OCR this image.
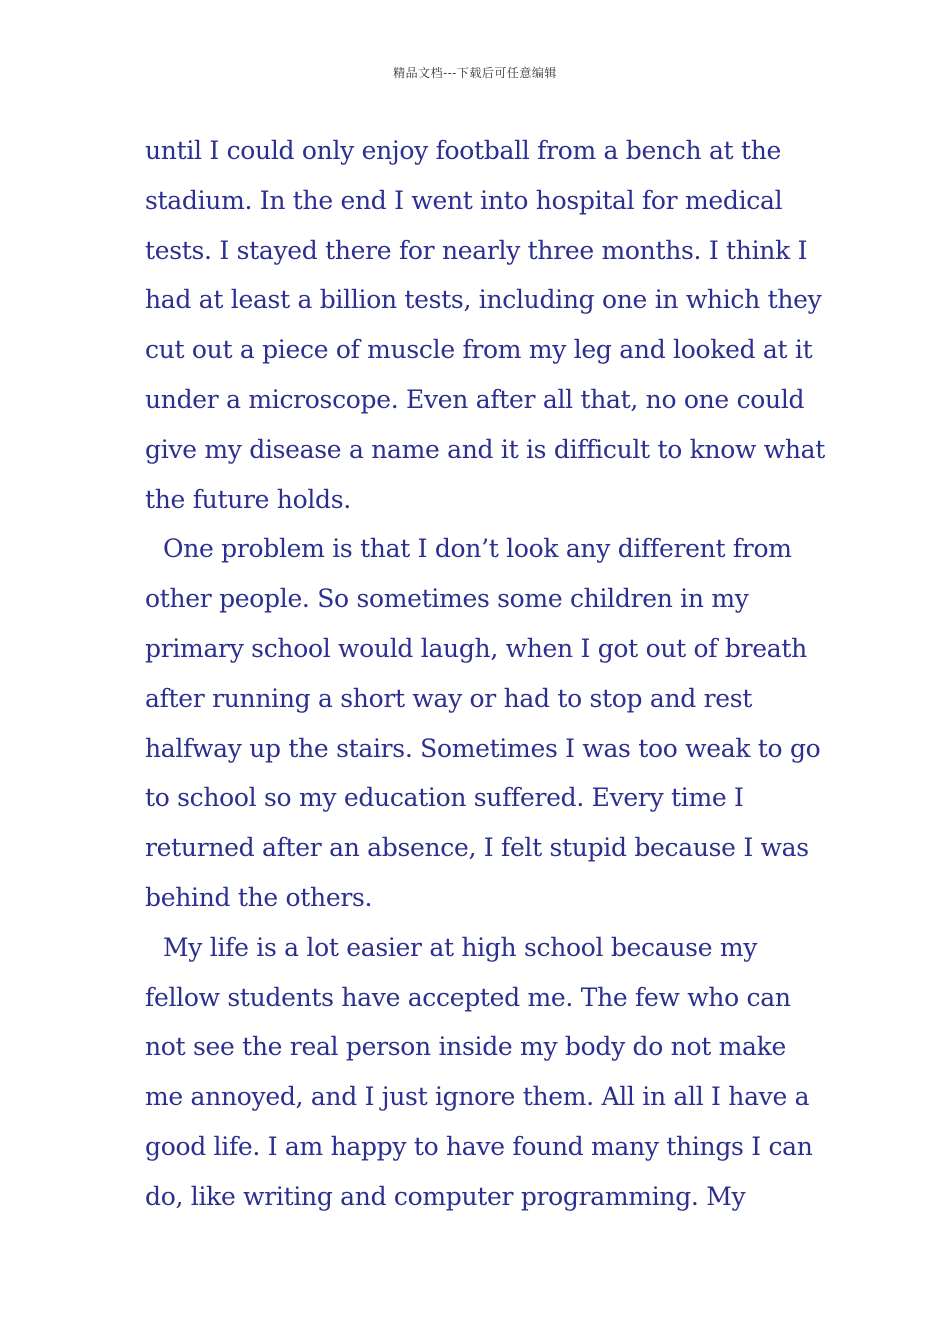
精品文档---下载后可任意编辑
until I could only enjoy football from a bench at the
stadium. In the end I went into hospital for medical
tests. I stayed there for nearly three months. I think I
had at least a billion tests, including one in which they
cut out a piece of muscle from my leg and looked at it
under a microscope. Even after all that, no one could
give my disease a name and it is difficult to know what
the future holds.
One problem is that I don’t look any different from
other people. So sometimes some children in my
primary school would laugh, when I got out of breath
after running a short way or had to stop and rest
halfway up the stairs. Sometimes I was too weak to go
to school so my education suffered. Every time I
returned after an absence, I felt stupid because I was
behind the others.
My life is a lot easier at high school because my
fellow students have accepted me. The few who can
not see the real person inside my body do not make
me annoyed, and I just ignore them. All in all I have a
good life. I am happy to have found many things I can
do, like writing and computer programming. My
